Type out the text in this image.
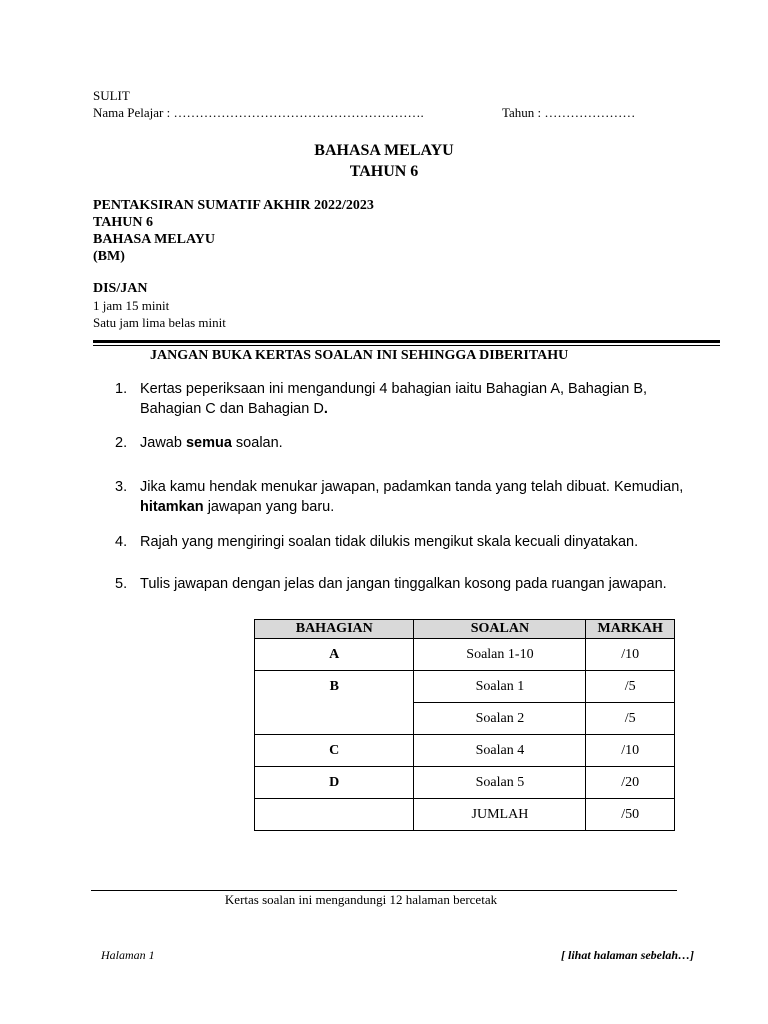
SULIT
Nama Pelajar : ………………………………………………….	Tahun : …………………
BAHASA MELAYU
TAHUN 6
PENTAKSIRAN SUMATIF AKHIR 2022/2023
TAHUN 6
BAHASA MELAYU
(BM)
DIS/JAN
1 jam 15 minit
Satu jam lima belas minit
JANGAN BUKA KERTAS SOALAN INI SEHINGGA DIBERITAHU
1. Kertas peperiksaan ini mengandungi 4 bahagian iaitu Bahagian A, Bahagian B, Bahagian C dan Bahagian D.
2. Jawab semua soalan.
3. Jika kamu hendak menukar jawapan, padamkan tanda yang telah dibuat. Kemudian, hitamkan jawapan yang baru.
4. Rajah yang mengiringi soalan tidak dilukis mengikut skala kecuali dinyatakan.
5. Tulis jawapan dengan jelas dan jangan tinggalkan kosong pada ruangan jawapan.
BAHAGIAN	SOALAN	MARKAH
A	Soalan 1-10	/10
B	Soalan 1	/5
	Soalan 2	/5
C	Soalan 4	/10
D	Soalan 5	/20
	JUMLAH	/50
Kertas soalan ini mengandungi 12 halaman bercetak
Halaman 1	[ lihat halaman sebelah…]
